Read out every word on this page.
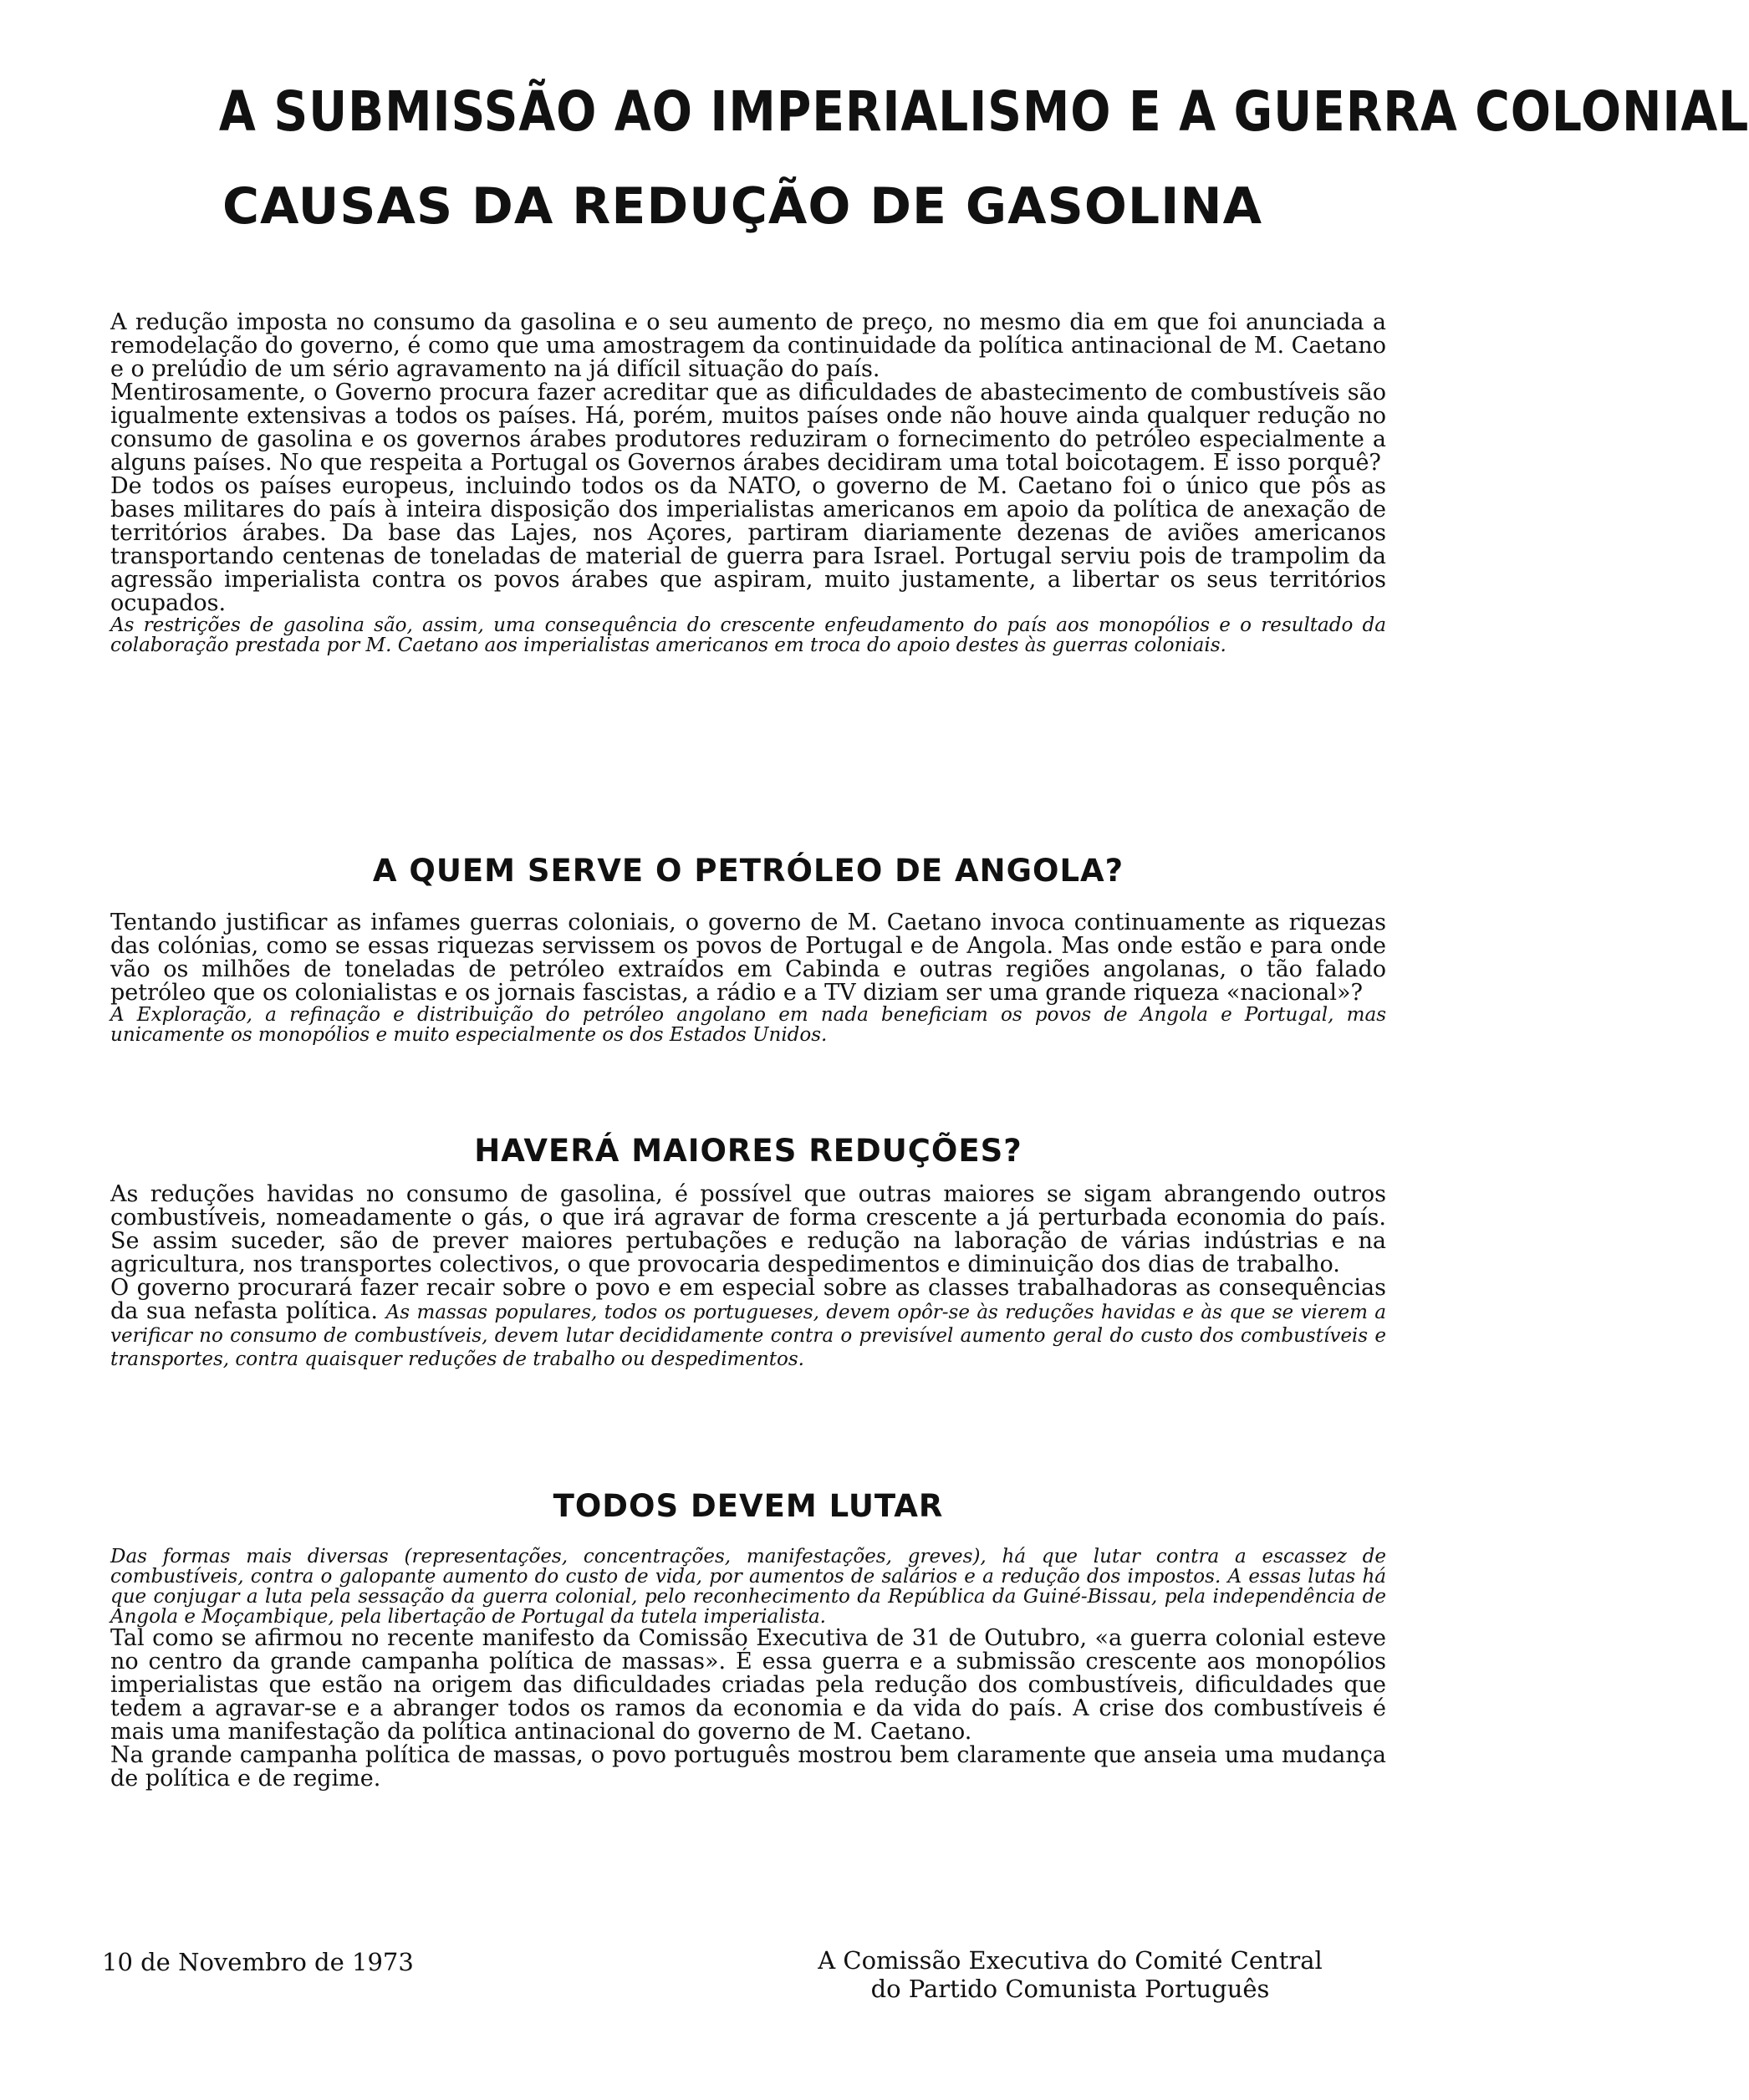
A SUBMISSÃO AO IMPERIALISMO E A GUERRA COLONIAL
CAUSAS DA REDUÇÃO DE GASOLINA

A redução imposta no consumo da gasolina e o seu aumento de preço, no mesmo dia em que foi anunciada a remodelação do governo, é como que uma amostragem da continuidade da política antinacional de M. Caetano e o prelúdio de um sério agravamento na já difícil situação do país.

Mentirosamente, o Governo procura fazer acreditar que as dificuldades de abastecimento de combustíveis são igualmente extensivas a todos os países. Há, porém, muitos países onde não houve ainda qualquer redução no consumo de gasolina e os governos árabes produtores reduziram o fornecimento do petróleo especialmente a alguns países. No que respeita a Portugal os Governos árabes decidiram uma total boicotagem. E isso porquê?

De todos os países europeus, incluindo todos os da NATO, o governo de M. Caetano foi o único que pôs as bases militares do país à inteira disposição dos imperialistas americanos em apoio da política de anexação de territórios árabes. Da base das Lajes, nos Açores, partiram diariamente dezenas de aviões americanos transportando centenas de toneladas de material de guerra para Israel. Portugal serviu pois de trampolim da agressão imperialista contra os povos árabes que aspiram, muito justamente, a libertar os seus territórios ocupados.

As restrições de gasolina são, assim, uma consequência do crescente enfeudamento do país aos monopólios e o resultado da colaboração prestada por M. Caetano aos imperialistas americanos em troca do apoio destes às guerras coloniais.

A QUEM SERVE O PETRÓLEO DE ANGOLA?

Tentando justificar as infames guerras coloniais, o governo de M. Caetano invoca continuamente as riquezas das colónias, como se essas riquezas servissem os povos de Portugal e de Angola. Mas onde estão e para onde vão os milhões de toneladas de petróleo extraídos em Cabinda e outras regiões angolanas, o tão falado petróleo que os colonialistas e os jornais fascistas, a rádio e a TV diziam ser uma grande riqueza «nacional»?

A Exploração, a refinação e distribuição do petróleo angolano em nada beneficiam os povos de Angola e Portugal, mas unicamente os monopólios e muito especialmente os dos Estados Unidos.

HAVERÁ MAIORES REDUÇÕES?

As reduções havidas no consumo de gasolina, é possível que outras maiores se sigam abrangendo outros combustíveis, nomeadamente o gás, o que irá agravar de forma crescente a já perturbada economia do país. Se assim suceder, são de prever maiores pertubações e redução na laboração de várias indústrias e na agricultura, nos transportes colectivos, o que provocaria despedimentos e diminuição dos dias de trabalho.

O governo procurará fazer recair sobre o povo e em especial sobre as classes trabalhadoras as consequências da sua nefasta política. As massas populares, todos os portugueses, devem opôr-se às reduções havidas e às que se vierem a verificar no consumo de combustíveis, devem lutar decididamente contra o previsível aumento geral do custo dos combustíveis e transportes, contra quaisquer reduções de trabalho ou despedimentos.

TODOS DEVEM LUTAR

Das formas mais diversas (representações, concentrações, manifestações, greves), há que lutar contra a escassez de combustíveis, contra o galopante aumento do custo de vida, por aumentos de salários e a redução dos impostos. A essas lutas há que conjugar a luta pela sessação da guerra colonial, pelo reconhecimento da República da Guiné-Bissau, pela independência de Angola e Moçambique, pela libertação de Portugal da tutela imperialista.

Tal como se afirmou no recente manifesto da Comissão Executiva de 31 de Outubro, «a guerra colonial esteve no centro da grande campanha política de massas». É essa guerra e a submissão crescente aos monopólios imperialistas que estão na origem das dificuldades criadas pela redução dos combustíveis, dificuldades que tedem a agravar-se e a abranger todos os ramos da economia e da vida do país. A crise dos combustíveis é mais uma manifestação da política antinacional do governo de M. Caetano.

Na grande campanha política de massas, o povo português mostrou bem claramente que anseia uma mudança de política e de regime.

10 de Novembro de 1973	A Comissão Executiva do Comité Central
do Partido Comunista Português
